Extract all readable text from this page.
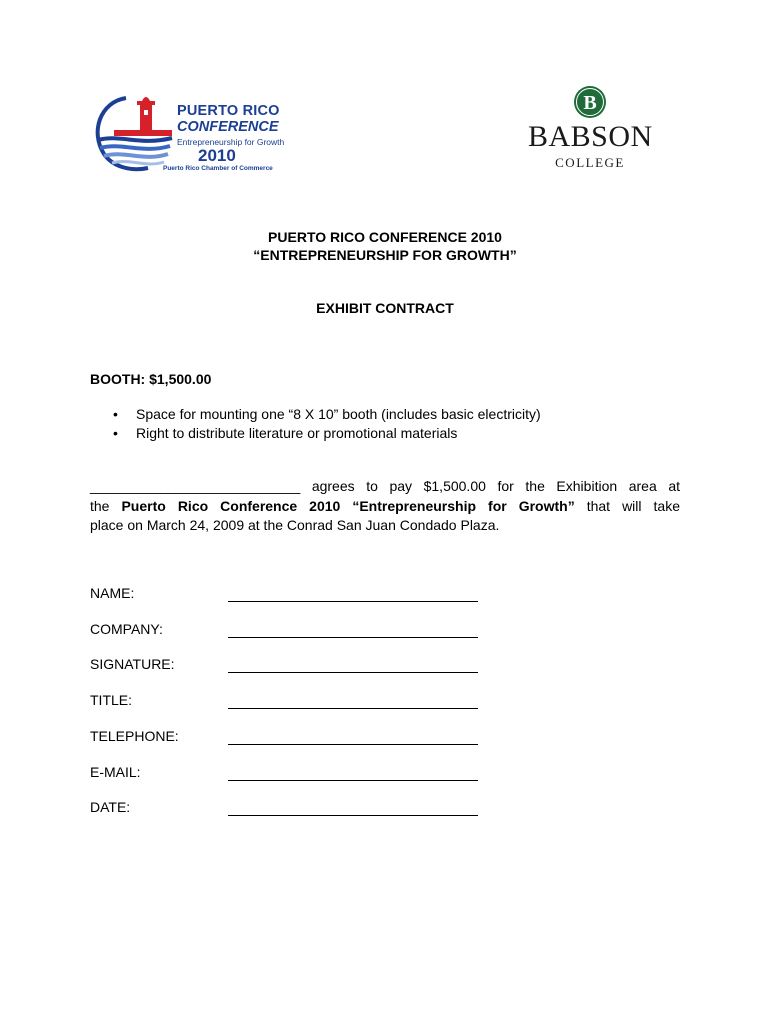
PUERTO RICO
CONFERENCE
Entrepreneurship for Growth
2010
Puerto Rico Chamber of Commerce
B
BABSON
COLLEGE
PUERTO RICO CONFERENCE 2010
“ENTREPRENEURSHIP FOR GROWTH”
EXHIBIT CONTRACT
BOOTH: $1,500.00
• Space for mounting one “8 X 10” booth (includes basic electricity)
• Right to distribute literature or promotional materials
___________________________ agrees to pay $1,500.00 for the Exhibition area at
the Puerto Rico Conference 2010 “Entrepreneurship for Growth” that will take
place on March 24, 2009 at the Conrad San Juan Condado Plaza.
NAME:
COMPANY:
SIGNATURE:
TITLE:
TELEPHONE:
E-MAIL:
DATE:
